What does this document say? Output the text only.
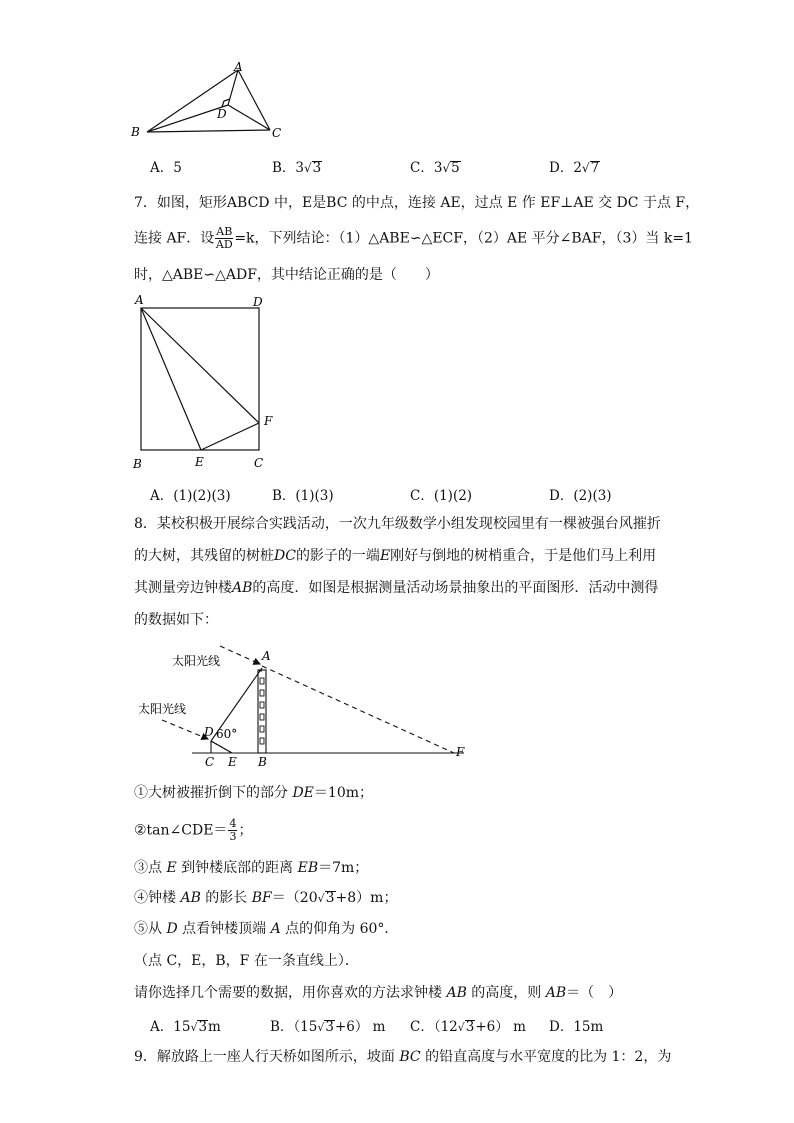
A
B	C
D
A．5	B．3√3	C．3√5	D．2√7
7．如图，矩形ABCD 中，E是BC 的中点，连接 AE，过点 E 作 EF⊥AE 交 DC 于点 F，
连接 AF．设 $\frac{AB}{AD} =k$，下列结论：（1）△ABE∽△ECF，（2）AE 平分∠BAF，（3）当 k=1
时，△ABE∽△ADF，其中结论正确的是（　　）
A	D
F
B	E	C
A．(1)(2)(3)	B．(1)(3)	C．(1)(2)	D．(2)(3)
8．某校积极开展综合实践活动，一次九年级数学小组发现校园里有一棵被强台风摧折
的大树，其残留的树桩DC的影子的一端E刚好与倒地的树梢重合，于是他们马上利用
其测量旁边钟楼AB的高度．如图是根据测量活动场景抽象出的平面图形．活动中测得
的数据如下：
太阳光线
太阳光线
60°
A
D
C E B
F
①大树被摧折倒下的部分 DE＝10m；
②tan∠CDE＝ $\frac{4}{3}$ ；
③点 E 到钟楼底部的距离 EB＝7m；
④钟楼 AB 的影长 BF＝（20√3+8）m；
⑤从 D 点看钟楼顶端 A 点的仰角为 60°．
（点 C，E，B，F 在一条直线上）．
请你选择几个需要的数据，用你喜欢的方法求钟楼 AB 的高度，则 AB＝（　）
A．15√3m	B．（15√3+6） m C．（12√3+6） m D．15m
9．解放路上一座人行天桥如图所示，坡面 BC 的铅直高度与水平宽度的比为 1：2，为
